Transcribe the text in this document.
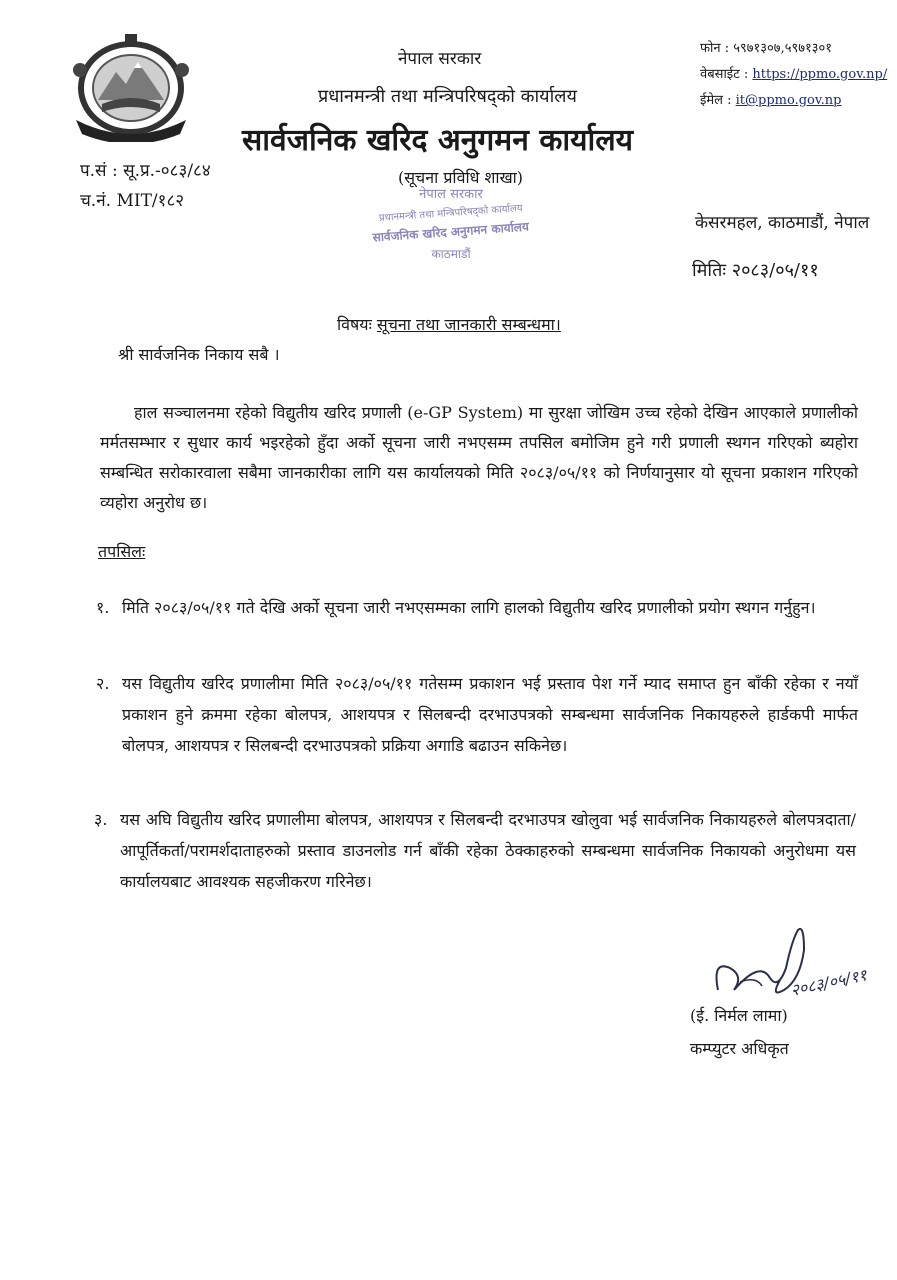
नेपाल सरकार
प्रधानमन्त्री तथा मन्त्रिपरिषद्को कार्यालय
सार्वजनिक खरिद अनुगमन कार्यालय
(सूचना प्रविधि शाखा)
फोन : ५९७१३०७,५९७१३०१
वेबसाईट : https://ppmo.gov.np/
ईमेल : it@ppmo.gov.np
प.सं : सू.प्र.-०८३/८४
च.नं. MIT/१८२	नेपाल सरकार
प्रधानमन्त्री तथा मन्त्रिपरिषद्को कार्यालय
सार्वजनिक खरिद अनुगमन कार्यालय
काठमाडौं
केसरमहल, काठमाडौं, नेपाल
मितिः २०८३/०५/११
विषयः सूचना तथा जानकारी सम्बन्धमा।
श्री सार्वजनिक निकाय सबै ।
हाल सञ्चालनमा रहेको विद्युतीय खरिद प्रणाली (e-GP System) मा सुरक्षा जोखिम उच्च रहेको देखिन आएकाले प्रणालीको मर्मतसम्भार र सुधार कार्य भइरहेको हुँदा अर्को सूचना जारी नभएसम्म तपसिल बमोजिम हुने गरी प्रणाली स्थगन गरिएको ब्यहोरा सम्बन्धित सरोकारवाला सबैमा जानकारीका लागि यस कार्यालयको मिति २०८३/०५/११ को निर्णयानुसार यो सूचना प्रकाशन गरिएको व्यहोरा अनुरोध छ।
तपसिलः
१. मिति २०८३/०५/११ गते देखि अर्को सूचना जारी नभएसम्मका लागि हालको विद्युतीय खरिद प्रणालीको प्रयोग स्थगन गर्नुहुन।
२. यस विद्युतीय खरिद प्रणालीमा मिति २०८३/०५/११ गतेसम्म प्रकाशन भई प्रस्ताव पेश गर्ने म्याद समाप्त हुन बाँकी रहेका र नयाँ प्रकाशन हुने क्रममा रहेका बोलपत्र, आशयपत्र र सिलबन्दी दरभाउपत्रको सम्बन्धमा सार्वजनिक निकायहरुले हार्डकपी मार्फत बोलपत्र, आशयपत्र र सिलबन्दी दरभाउपत्रको प्रक्रिया अगाडि बढाउन सकिनेछ।
३. यस अघि विद्युतीय खरिद प्रणालीमा बोलपत्र, आशयपत्र र सिलबन्दी दरभाउपत्र खोलुवा भई सार्वजनिक निकायहरुले बोलपत्रदाता/आपूर्तिकर्ता/परामर्शदाताहरुको प्रस्ताव डाउनलोड गर्न बाँकी रहेका ठेक्काहरुको सम्बन्धमा सार्वजनिक निकायको अनुरोधमा यस कार्यालयबाट आवश्यक सहजीकरण गरिनेछ।
२०८३/०५/११
(ई. निर्मल लामा)
कम्प्युटर अधिकृत
